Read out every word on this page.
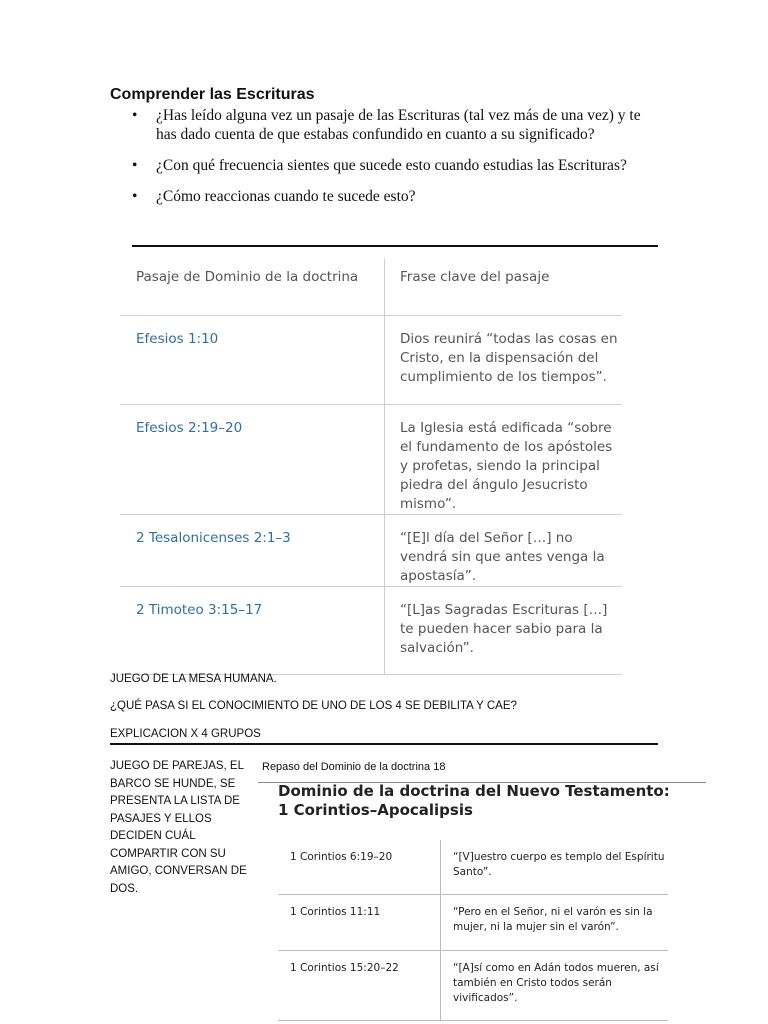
Comprender las Escrituras
• ¿Has leído alguna vez un pasaje de las Escrituras (tal vez más de una vez) y te has dado cuenta de que estabas confundido en cuanto a su significado?
• ¿Con qué frecuencia sientes que sucede esto cuando estudias las Escrituras?
• ¿Cómo reaccionas cuando te sucede esto?
Pasaje de Dominio de la doctrina	Frase clave del pasaje
Efesios 1:10	Dios reunirá “todas las cosas en Cristo, en la dispensación del cumplimiento de los tiempos”.
Efesios 2:19–20	La Iglesia está edificada “sobre el fundamento de los apóstoles y profetas, siendo la principal piedra del ángulo Jesucristo mismo”.
2 Tesalonicenses 2:1–3	“[E]l día del Señor […] no vendrá sin que antes venga la apostasía”.
2 Timoteo 3:15–17	“[L]as Sagradas Escrituras […] te pueden hacer sabio para la salvación”.
JUEGO DE LA MESA HUMANA.
¿QUÉ PASA SI EL CONOCIMIENTO DE UNO DE LOS 4 SE DEBILITA Y CAE?
EXPLICACION X 4 GRUPOS
JUEGO DE PAREJAS, EL BARCO SE HUNDE, SE PRESENTA LA LISTA DE PASAJES Y ELLOS DECIDEN CUÁL COMPARTIR CON SU AMIGO, CONVERSAN DE DOS.
Repaso del Dominio de la doctrina 18
Dominio de la doctrina del Nuevo Testamento: 1 Corintios–Apocalipsis
1 Corintios 6:19–20	“[V]uestro cuerpo es templo del Espíritu Santo”.
1 Corintios 11:11	“Pero en el Señor, ni el varón es sin la mujer, ni la mujer sin el varón”.
1 Corintios 15:20–22	“[A]sí como en Adán todos mueren, así también en Cristo todos serán vivificados”.
